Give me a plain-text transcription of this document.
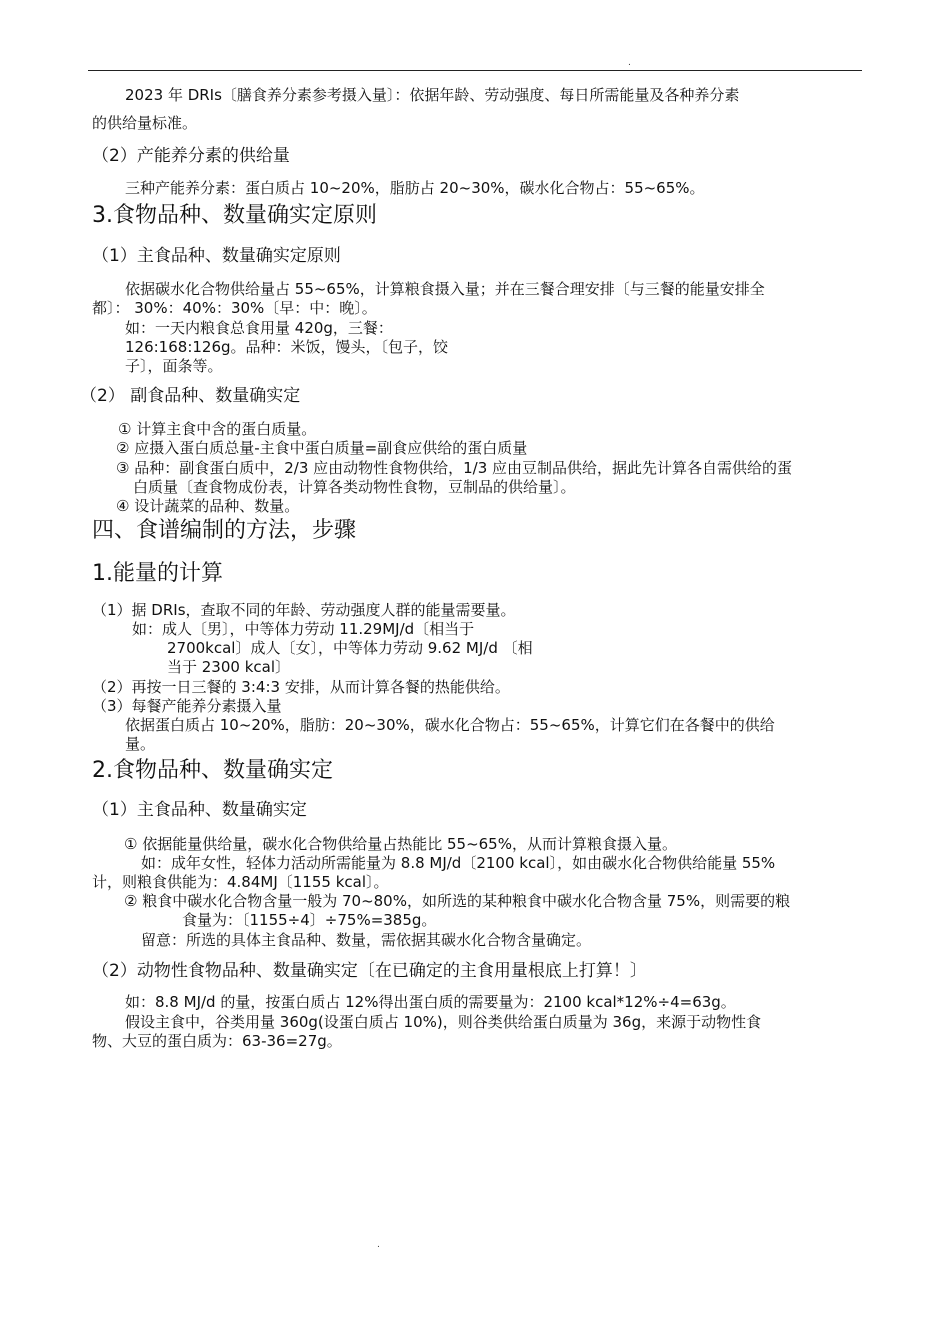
.
2023 年 DRIs〔膳食养分素参考摄入量〕：依据年龄、劳动强度、每日所需能量及各种养分素
的供给量标准。
（2）产能养分素的供给量
三种产能养分素：蛋白质占 10~20%，脂肪占 20~30%，碳水化合物占：55~65%。
3.食物品种、数量确实定原则
（1）主食品种、数量确实定原则
依据碳水化合物供给量占 55~65%，计算粮食摄入量；并在三餐合理安排〔与三餐的能量安排全
都〕： 30%：40%：30%〔早：中：晚〕。
如：一天内粮食总食用量 420g，三餐：
126:168:126g。品种：米饭，馒头，〔包子，饺
子〕，面条等。
（2） 副食品种、数量确实定
① 计算主食中含的蛋白质量。
② 应摄入蛋白质总量-主食中蛋白质量=副食应供给的蛋白质量
③ 品种：副食蛋白质中，2/3 应由动物性食物供给，1/3 应由豆制品供给，据此先计算各自需供给的蛋
白质量〔查食物成份表，计算各类动物性食物，豆制品的供给量〕。
④ 设计蔬菜的品种、数量。
四、食谱编制的方法，步骤
1.能量的计算
（1）据 DRIs，查取不同的年龄、劳动强度人群的能量需要量。
如：成人〔男〕，中等体力劳动 11.29MJ/d〔相当于
2700kcal〕成人〔女〕，中等体力劳动 9.62 MJ/d 〔相
当于 2300 kcal〕
（2）再按一日三餐的 3:4:3 安排，从而计算各餐的热能供给。
（3）每餐产能养分素摄入量
依据蛋白质占 10~20%，脂肪：20~30%，碳水化合物占：55~65%，计算它们在各餐中的供给
量。
2.食物品种、数量确实定
（1）主食品种、数量确实定
① 依据能量供给量，碳水化合物供给量占热能比 55~65%，从而计算粮食摄入量。
如：成年女性，轻体力活动所需能量为 8.8 MJ/d〔2100 kcal〕，如由碳水化合物供给能量 55%
计，则粮食供能为：4.84MJ〔1155 kcal〕。
② 粮食中碳水化合物含量一般为 70~80%，如所选的某种粮食中碳水化合物含量 75%，则需要的粮
食量为：〔1155÷4〕÷75%=385g。
留意：所选的具体主食品种、数量，需依据其碳水化合物含量确定。
（2）动物性食物品种、数量确实定〔在已确定的主食用量根底上打算！〕
如：8.8 MJ/d 的量，按蛋白质占 12%得出蛋白质的需要量为：2100 kcal*12%÷4=63g。
假设主食中，谷类用量 360g(设蛋白质占 10%)，则谷类供给蛋白质量为 36g，来源于动物性食
物、大豆的蛋白质为：63-36=27g。
.
